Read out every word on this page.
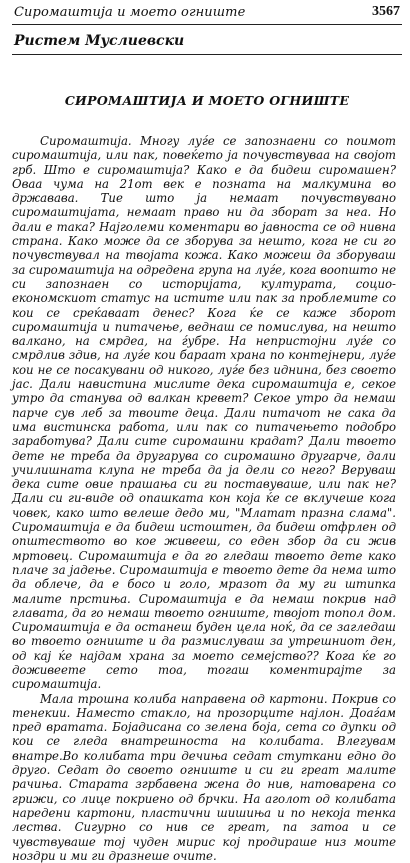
Сиромаштија и моето огниште	3567
Ристем Муслиевски
СИРОМАШТИЈА И МОЕТО ОГНИШТЕ

Сиромаштија. Многу луѓе се запознаени со поимот сиромаштија, или пак, повеќето ја почувствуваа на својот грб. Што е сиромаштија? Како е да бидеш сиромашен? Оваа чума на 21от век е позната на малкумина во државава. Тие што ја немаат почувствувано сиромаштијата, немаат право ни да зборат за неа. Но дали е така? Најголеми коментари во јавноста се од нивна страна. Како може да се зборува за нешто, кога не си го почувствувал на твојата кожа. Како можеш да зборуваш за сиромаштија на одредена група на луѓе, кога воопшто не си запознаен со историјата, културата, социо-економскиот статус на истите или пак за проблемите со кои се среќаваат денес? Кога ќе се каже зборот сиромаштија и питачење, веднаш се помислува, на нешто валкано, на смрдеа, на ѓубре. На непристојни луѓе со смрдлив здив, на луѓе кои бараат храна по контејнери, луѓе кои не се посакувани од никого, луѓе без иднина, без своето јас. Дали навистина мислите дека сиромаштија е, секое утро да станува од валкан кревет? Секое утро да немаш парче сув леб за твоите деца. Дали питачот не сака да има вистинска работа, или пак со питачењето подобро заработува? Дали сите сиромашни крадат? Дали твоето дете не треба да другарува со сиромашно другарче, дали училишната клупа не треба да ја дели со него? Веруваш дека сите овие прашања си ги поставуваше, или пак не? Дали си ги-виде од опашката кон која ќе се вклучеше кога човек, како што велеше дедо ми, "Млатат празна слама". Сиромаштија е да бидеш истоштен, да бидеш отфрлен од општеството во кое живееш, со еден збор да си жив мртовец. Сиромаштија е да го гледаш твоето дете како плаче за јадење. Сиромаштија е твоето дете да нема што да облече, да е босо и голо, мразот да му ги штипка малите прстиња. Сиромаштија е да немаш покрив над главата, да го немаш твоето огниште, твојот топол дом. Сиромаштија е да останеш буден цела ноќ, да се загледаш во твоето огниште и да размислуваш за утрешниот ден, од кај ќе најдам храна за моето семејство?? Кога ќе го доживеете сето тоа, тогаш коментирајте за сиромаштија.

Мала трошна колиба направена од картони. Покрив со тенекии. Наместо стакло, на прозорците најлон. Доаѓам пред вратата. Бојадисана со зелена боја, сета со дупки од кои се гледа внатрешноста на колибата. Влегувам внатре.Во колибата три дечиња седат стуткани едно до друго. Седат до своето огниште и си ги греат малите рачиња. Старата згрбавена жена до нив, натоварена со грижи, со лице покриено од брчки. На аголот од колибата наредени картони, пластични шишиња и по некоја тенка лества. Сигурно со нив се греат, па затоа и се чувствуваше тој чуден мирис кој продираше низ моите ноздри и ми ги дразнеше очите.
